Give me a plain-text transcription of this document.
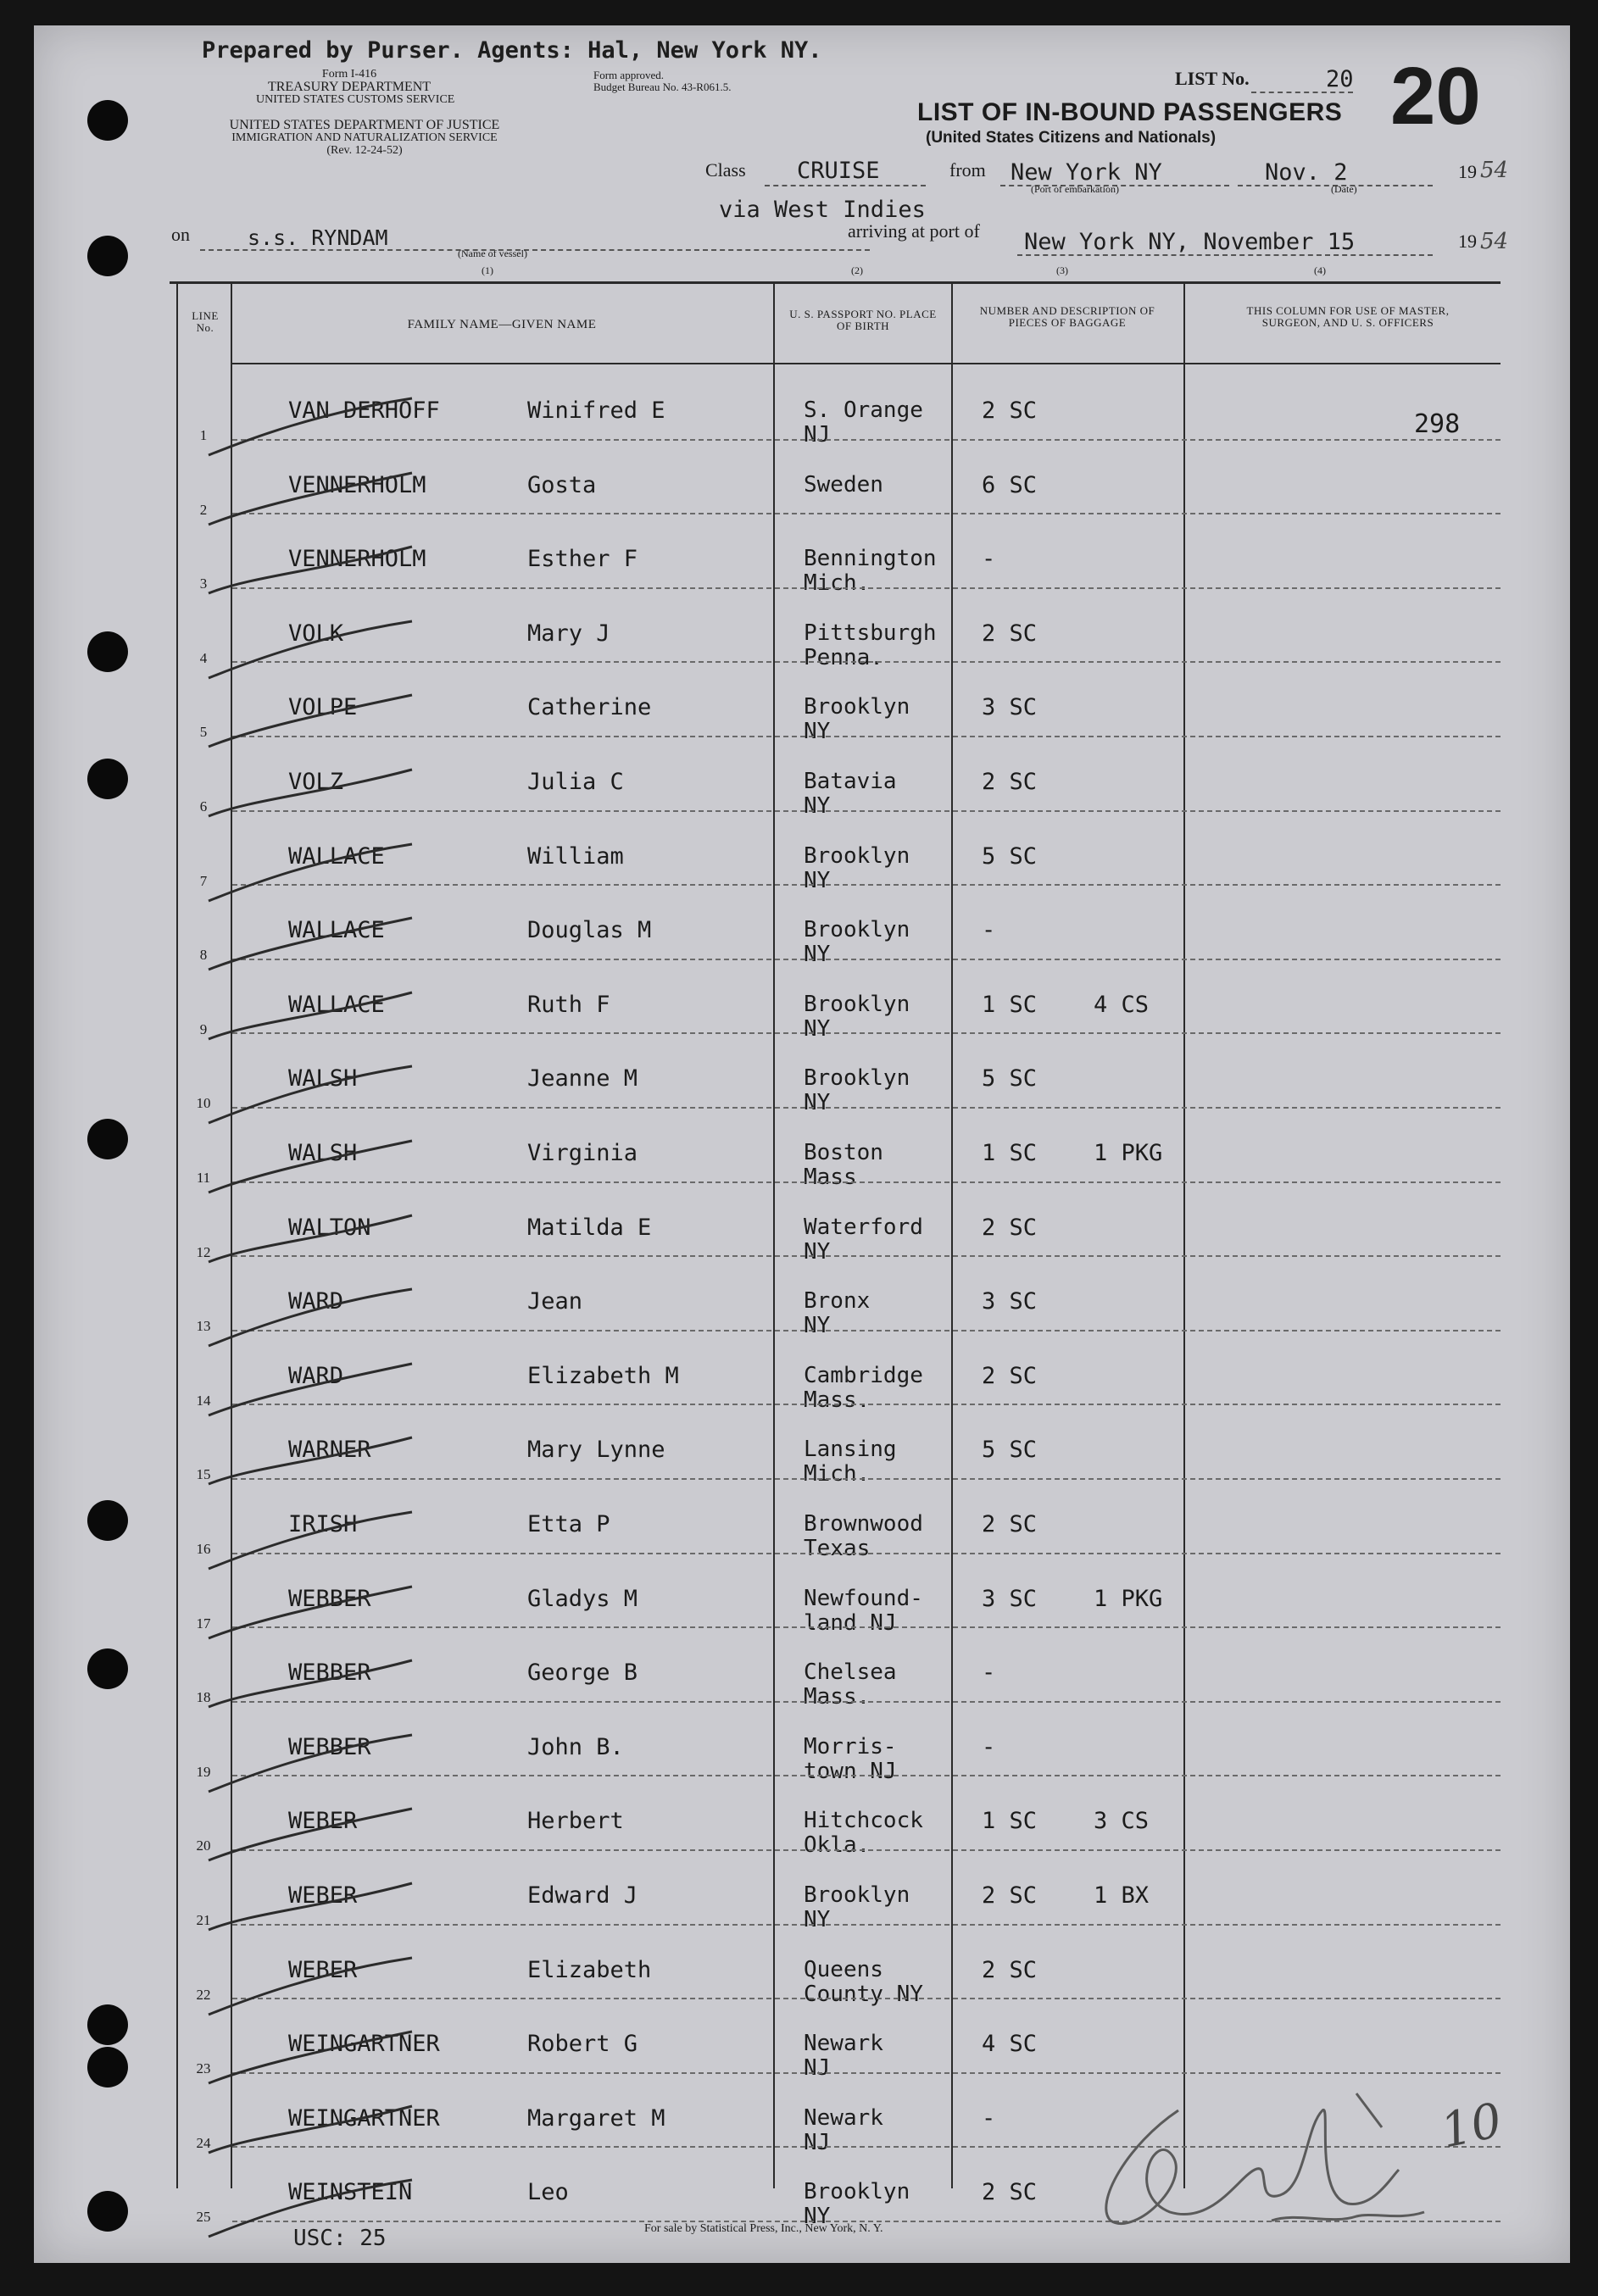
Prepared by Purser. Agents: Hal, New York NY.
Form I-416
TREASURY DEPARTMENT
UNITED STATES CUSTOMS SERVICE
Form approved.
Budget Bureau No. 43-R061.5.
UNITED STATES DEPARTMENT OF JUSTICE
IMMIGRATION AND NATURALIZATION SERVICE
(Rev. 12-24-52)
LIST No.	20 20
LIST OF IN-BOUND PASSENGERS
(United States Citizens and Nationals)
Class CRUISE	from New York NY
(Port of embarkation)
Nov. 2
(Date)
19 54
via West Indies
on	s.s. RYNDAM
(Name of vessel)
arriving at port of New York NY, November 15	19 54
(1)	(2)	(3)	(4)
LINE No.	FAMILY NAME—GIVEN NAME
U. S. PASSPORT NO. PLACE OF BIRTH
NUMBER AND DESCRIPTION OF PIECES OF BAGGAGE
THIS COLUMN FOR USE OF MASTER, SURGEON, AND U. S. OFFICERS
VAN DERHOFF	Winifred E	S. Orange
NJ
2 SC	298
1
VENNERHOLM	Gosta	Sweden	6 SC
2
VENNERHOLM	Esther F	Bennington
Mich.
-
3
VOLK	Mary J	Pittsburgh
Penna.
2 SC
4
VOLPE	Catherine	Brooklyn
NY
3 SC
5
VOLZ	Julia C	Batavia
NY
2 SC
6
WALLACE	William	Brooklyn
NY
5 SC
7
WALLACE	Douglas M	Brooklyn
NY
-
8
WALLACE	Ruth F	Brooklyn
NY
1 SC 4 CS
9
WALSH	Jeanne M	Brooklyn
NY
5 SC
10
WALSH	Virginia	Boston
Mass
1 SC 1 PKG
11
WALTON	Matilda E	Waterford
NY
2 SC
12
WARD	Jean	Bronx
NY
3 SC
13
WARD	Elizabeth M	Cambridge
Mass.
2 SC
14
WARNER	Mary Lynne	Lansing
Mich.
5 SC
15
IRISH	Etta P	Brownwood
Texas
2 SC
16
WEBBER	Gladys M	Newfound-
land NJ
3 SC 1 PKG
17
WEBBER	George B	Chelsea
Mass.
-
18
WEBBER	John B.	Morris-
town NJ
-
19
WEBER	Herbert	Hitchcock
Okla.
1 SC 3 CS
20
WEBER	Edward J	Brooklyn
NY
2 SC 1 BX
21
WEBER	Elizabeth	Queens
County NY
2 SC
22
WEINGARTNER	Robert G	Newark
NJ
4 SC
23
WEINGARTNER	Margaret M	Newark
NJ
-
24
WEINSTEIN	Leo	Brooklyn
NY
2 SC
25
USC: 25	For sale by Statistical Press, Inc., New York, N. Y.
10
